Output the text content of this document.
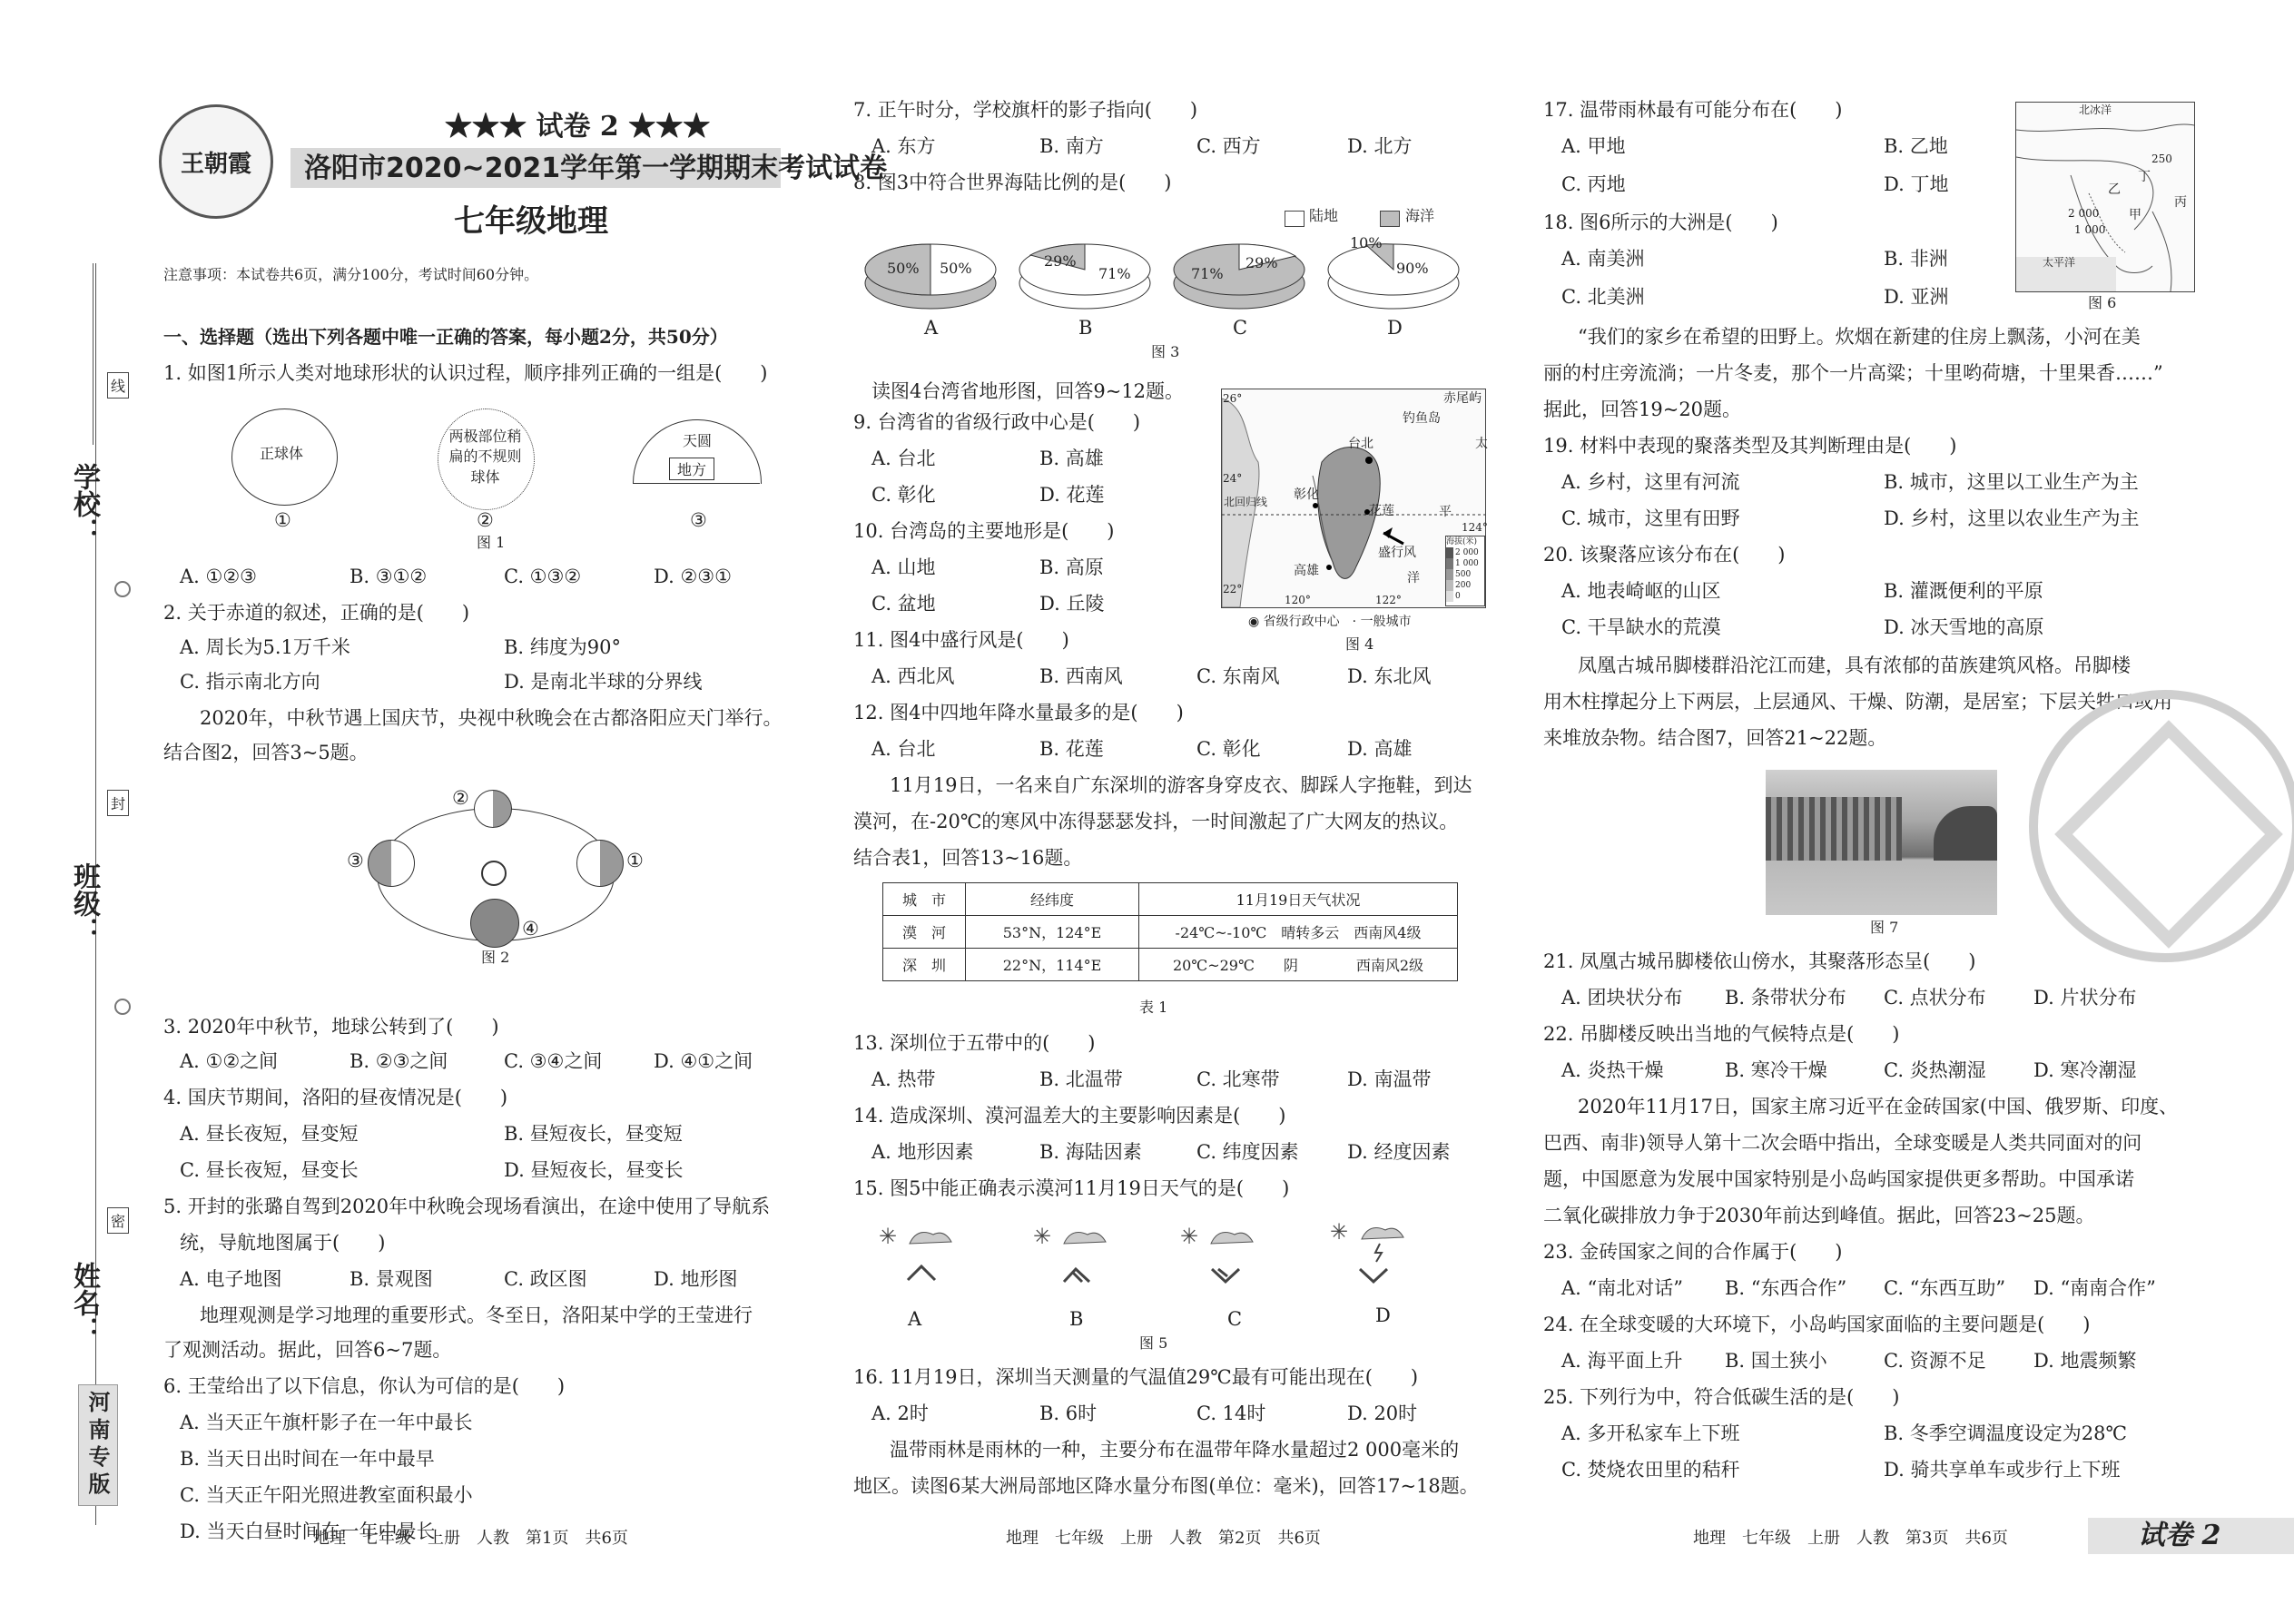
学校：
班级：
姓名：
线
封
密
河南专版
王朝霞
★★★ 试卷 2 ★★★
洛阳市2020~2021学年第一学期期末考试试卷
七年级地理
注意事项：本试卷共6页，满分100分，考试时间60分钟。
一、选择题（选出下列各题中唯一正确的答案，每小题2分，共50分）
1. 如图1所示人类对地球形状的认识过程，顺序排列正确的一组是(　　)
正球体
两极部位稍扁的不规则球体
天圆
地方
①	②	③
图 1
A. ①②③	B. ③①②	C. ①③②	D. ②③①
2. 关于赤道的叙述，正确的是(　　)
A. 周长为5.1万千米	B. 纬度为90°
C. 指示南北方向	D. 是南北半球的分界线
2020年，中秋节遇上国庆节，央视中秋晚会在古都洛阳应天门举行。
结合图2，回答3~5题。
①
②
③
④
图 2
3. 2020年中秋节，地球公转到了(　　)
A. ①②之间	B. ②③之间	C. ③④之间	D. ④①之间
4. 国庆节期间，洛阳的昼夜情况是(　　)
A. 昼长夜短，昼变短	B. 昼短夜长，昼变短
C. 昼长夜短，昼变长	D. 昼短夜长，昼变长
5. 开封的张璐自驾到2020年中秋晚会现场看演出，在途中使用了导航系
统，导航地图属于(　　)
A. 电子地图	B. 景观图	C. 政区图	D. 地形图
地理观测是学习地理的重要形式。冬至日，洛阳某中学的王莹进行
了观测活动。据此，回答6~7题。
6. 王莹给出了以下信息，你认为可信的是(　　)
A. 当天正午旗杆影子在一年中最长
B. 当天日出时间在一年中最早
C. 当天正午阳光照进教室面积最小
D. 当天白昼时间在一年中最长
7. 正午时分，学校旗杆的影子指向(　　)
A. 东方	B. 南方	C. 西方	D. 北方
8. 图3中符合世界海陆比例的是(　　)
陆地	海洋
50% 50%	29%
71%	71%
29%
10%
90%
A	B	C	D
图 3
读图4台湾省地形图，回答9~12题。	赤尾屿
钓鱼岛
台北
彰化
花莲
高雄
盛行风
北回归线
太
平
洋
26°
24°
22°
120°	122°
124°
海拔(米)
2 000
1 000
500
200
0
◉ 省级行政中心　· 一般城市
图 4
9. 台湾省的省级行政中心是(　　)
A. 台北	B. 高雄
C. 彰化	D. 花莲
10. 台湾岛的主要地形是(　　)
A. 山地	B. 高原
C. 盆地	D. 丘陵
11. 图4中盛行风是(　　)
A. 西北风	B. 西南风	C. 东南风	D. 东北风
12. 图4中四地年降水量最多的是(　　)
A. 台北	B. 花莲	C. 彰化	D. 高雄
11月19日，一名来自广东深圳的游客身穿皮衣、脚踩人字拖鞋，到达
漠河，在-20℃的寒风中冻得瑟瑟发抖，一时间激起了广大网友的热议。
结合表1，回答13~16题。
城　市	经纬度	11月19日天气状况
漠　河	53°N，124°E	-24℃~-10℃　晴转多云　西南风4级
深　圳	22°N，114°E	20℃~29℃　　阴　　　　西南风2级
表 1
13. 深圳位于五带中的(　　)
A. 热带	B. 北温带	C. 北寒带	D. 南温带
14. 造成深圳、漠河温差大的主要影响因素是(　　)
A. 地形因素	B. 海陆因素	C. 纬度因素	D. 经度因素
15. 图5中能正确表示漠河11月19日天气的是(　　)
✳	✳	✳	✳
A	B	C	D
图 5
16. 11月19日，深圳当天测量的气温值29℃最有可能出现在(　　)
A. 2时	B. 6时	C. 14时	D. 20时
温带雨林是雨林的一种，主要分布在温带年降水量超过2 000毫米的
地区。读图6某大洲局部地区降水量分布图(单位：毫米)，回答17~18题。
17. 温带雨林最有可能分布在(　　)
A. 甲地	B. 乙地
C. 丙地	D. 丁地
18. 图6所示的大洲是(　　)
A. 南美洲	B. 非洲
C. 北美洲	D. 亚洲
北冰洋
250
丁
乙
甲
丙
2 000
1 000
太平洋
图 6
“我们的家乡在希望的田野上。炊烟在新建的住房上飘荡，小河在美
丽的村庄旁流淌；一片冬麦，那个一片高粱；十里哟荷塘，十里果香……”
据此，回答19~20题。
19. 材料中表现的聚落类型及其判断理由是(　　)
A. 乡村，这里有河流	B. 城市，这里以工业生产为主
C. 城市，这里有田野	D. 乡村，这里以农业生产为主
20. 该聚落应该分布在(　　)
A. 地表崎岖的山区	B. 灌溉便利的平原
C. 干旱缺水的荒漠	D. 冰天雪地的高原
凤凰古城吊脚楼群沿沱江而建，具有浓郁的苗族建筑风格。吊脚楼
用木柱撑起分上下两层，上层通风、干燥、防潮，是居室；下层关牲口或用
来堆放杂物。结合图7，回答21~22题。
图 7
21. 凤凰古城吊脚楼依山傍水，其聚落形态呈(　　)
A. 团块状分布 B. 条带状分布 C. 点状分布 D. 片状分布
22. 吊脚楼反映出当地的气候特点是(　　)
A. 炎热干燥	B. 寒冷干燥	C. 炎热潮湿 D. 寒冷潮湿
2020年11月17日，国家主席习近平在金砖国家(中国、俄罗斯、印度、
巴西、南非)领导人第十二次会晤中指出，全球变暖是人类共同面对的问
题，中国愿意为发展中国家特别是小岛屿国家提供更多帮助。中国承诺
二氧化碳排放力争于2030年前达到峰值。据此，回答23~25题。
23. 金砖国家之间的合作属于(　　)
A. “南北对话” B. “东西合作” C. “东西互助” D. “南南合作”
24. 在全球变暖的大环境下，小岛屿国家面临的主要问题是(　　)
A. 海平面上升 B. 国土狭小	C. 资源不足 D. 地震频繁
25. 下列行为中，符合低碳生活的是(　　)
A. 多开私家车上下班	B. 冬季空调温度设定为28℃
C. 焚烧农田里的秸秆	D. 骑共享单车或步行上下班
地理　七年级　上册　人教　第1页　共6页	地理　七年级　上册　人教　第2页　共6页	地理　七年级　上册　人教　第3页　共6页	试卷 2
